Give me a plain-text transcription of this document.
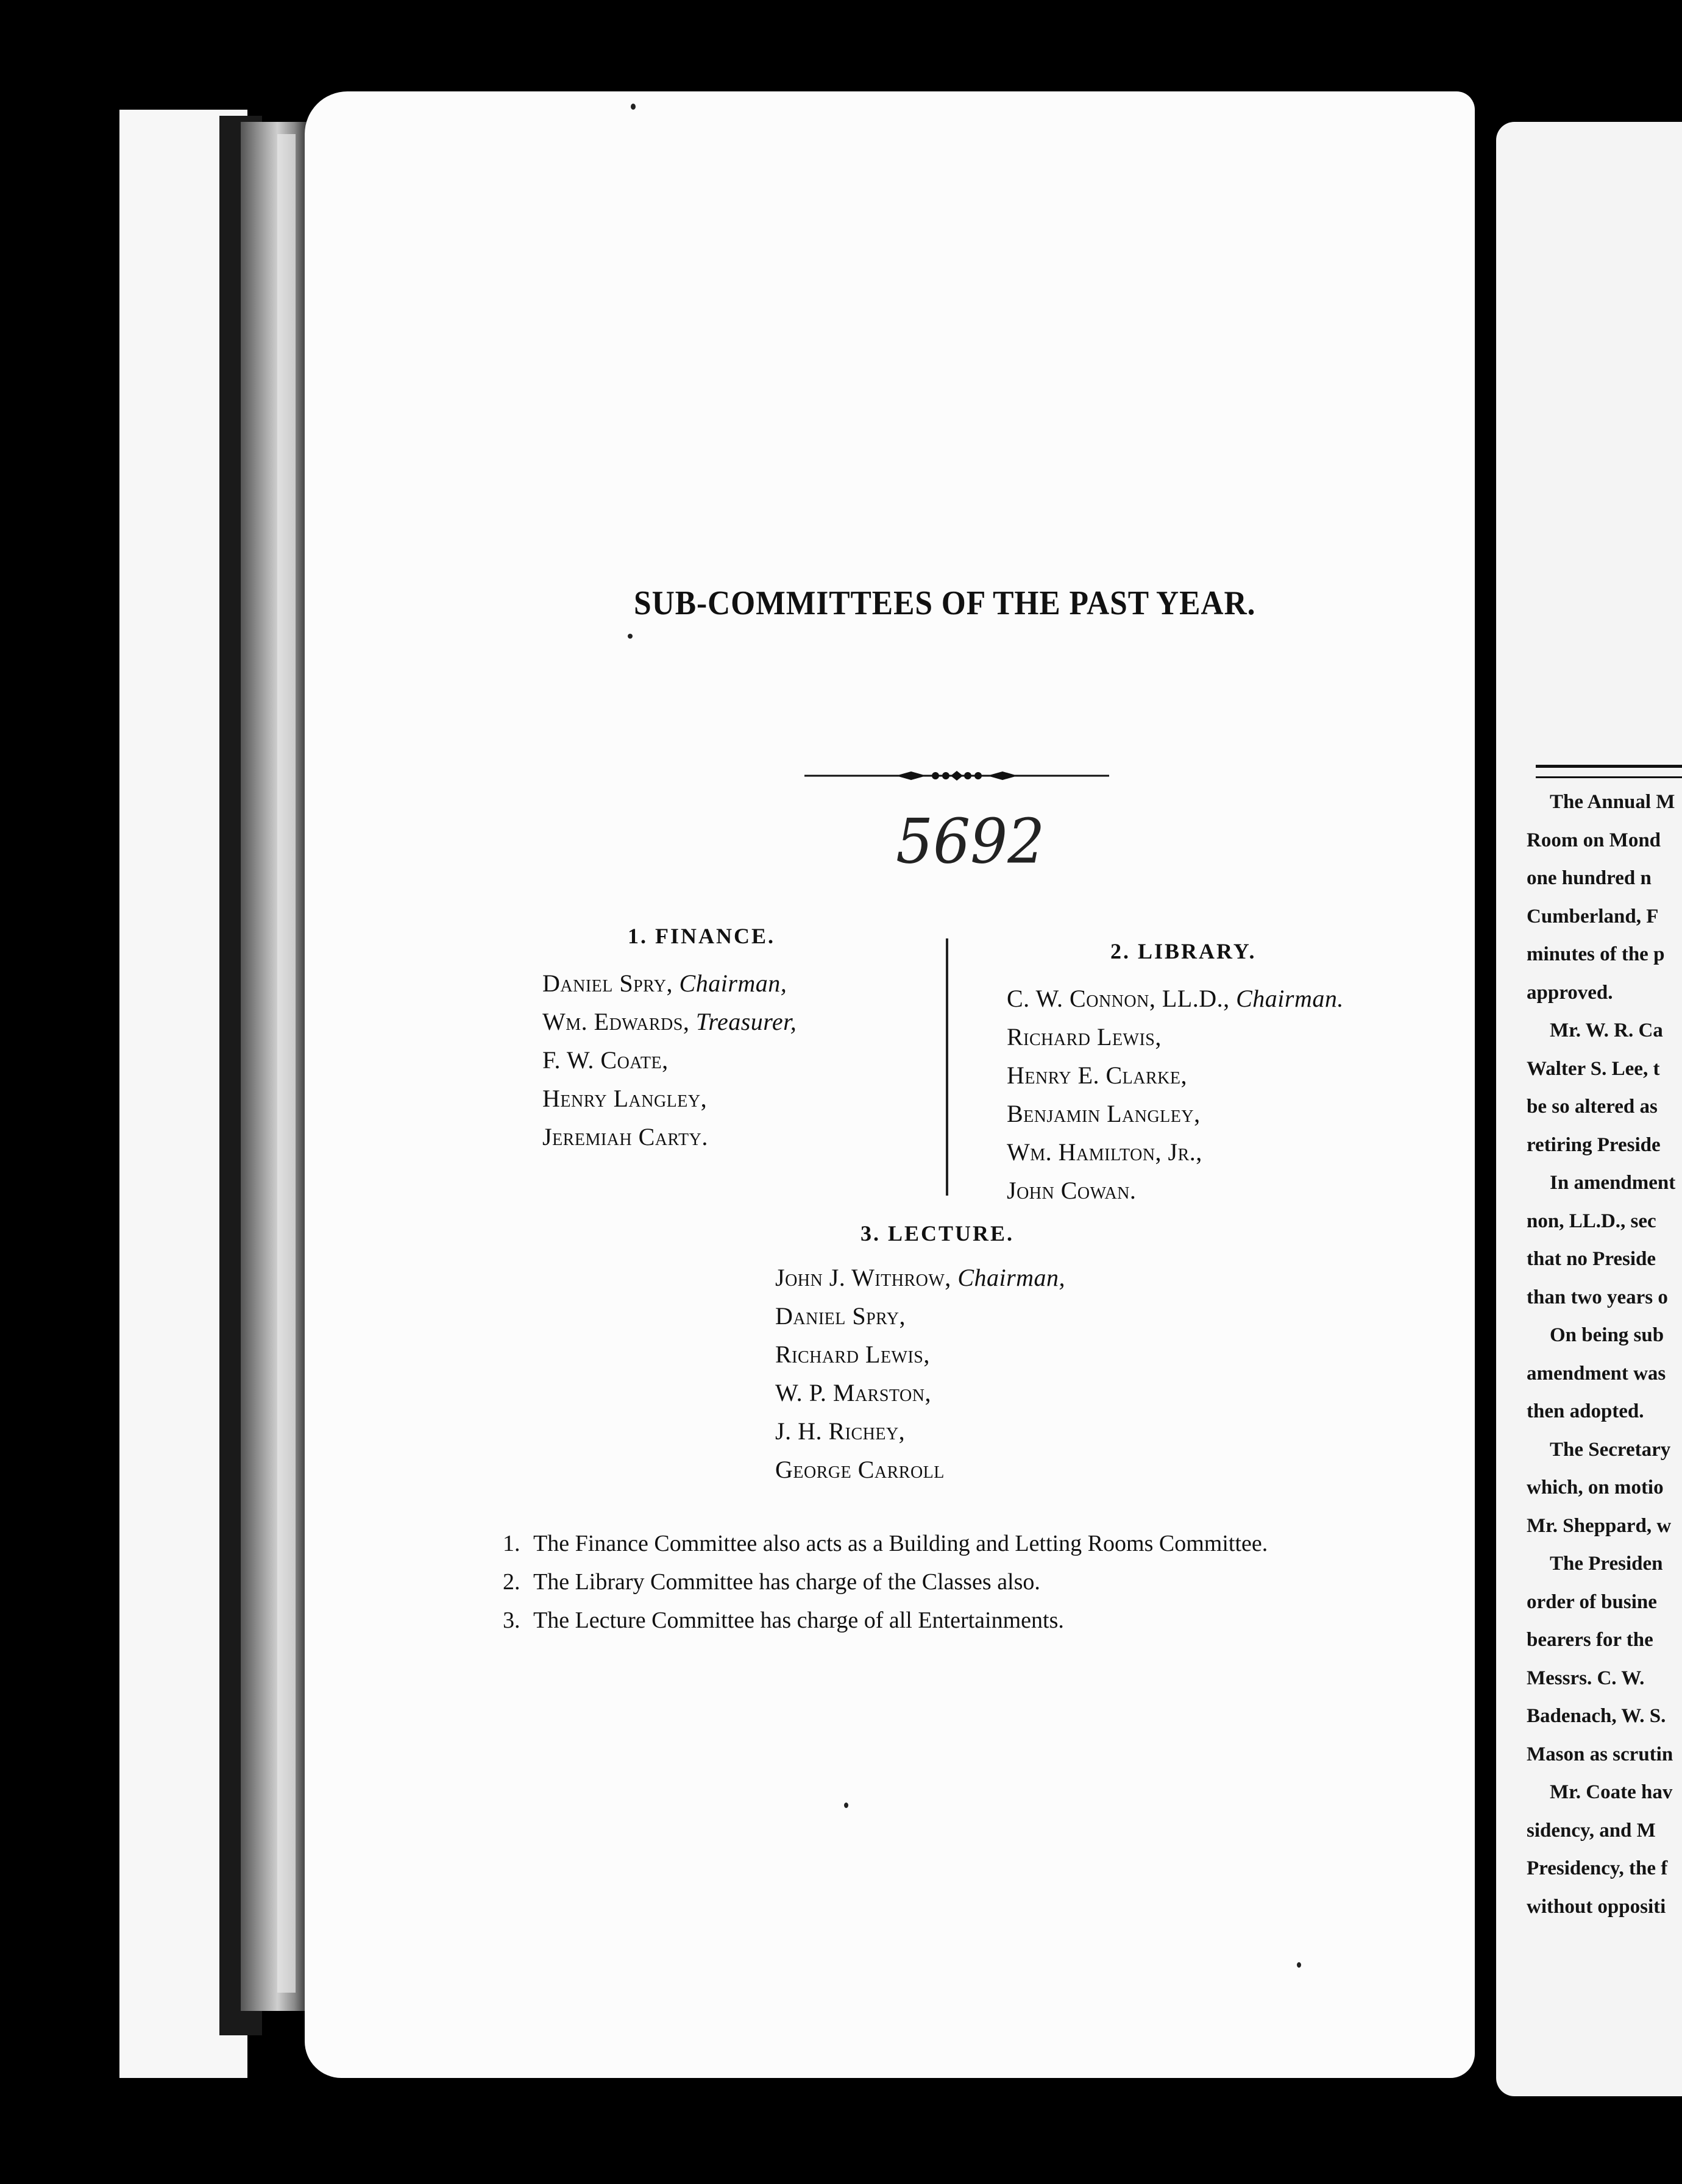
The Annual M
Room on Mond
one hundred n
Cumberland, F
minutes of the p
approved.
Mr. W. R. Ca
Walter S. Lee, t
be so altered as
retiring Preside
In amendment
non, LL.D., sec
that no Preside
than two years o
On being sub
amendment was
then adopted.
The Secretary
which, on motio
Mr. Sheppard, w
The Presiden
order of busine
bearers for the
Messrs. C. W.
Badenach, W. S.
Mason as scrutin
Mr. Coate hav
sidency, and M
Presidency, the f
without oppositi
SUB-COMMITTEES OF THE PAST YEAR.
5692
1. FINANCE.
Daniel Spry, Chairman,
Wm. Edwards, Treasurer,
F. W. Coate,
Henry Langley,
Jeremiah Carty.
2. LIBRARY.
C. W. Connon, LL.D., Chairman.
Richard Lewis,
Henry E. Clarke,
Benjamin Langley,
Wm. Hamilton, Jr.,
John Cowan.
3. LECTURE.
John J. Withrow, Chairman,
Daniel Spry,
Richard Lewis,
W. P. Marston,
J. H. Richey,
George Carroll
1. The Finance Committee also acts as a Building and Letting Rooms Committee.
2. The Library Committee has charge of the Classes also.
3. The Lecture Committee has charge of all Entertainments.
